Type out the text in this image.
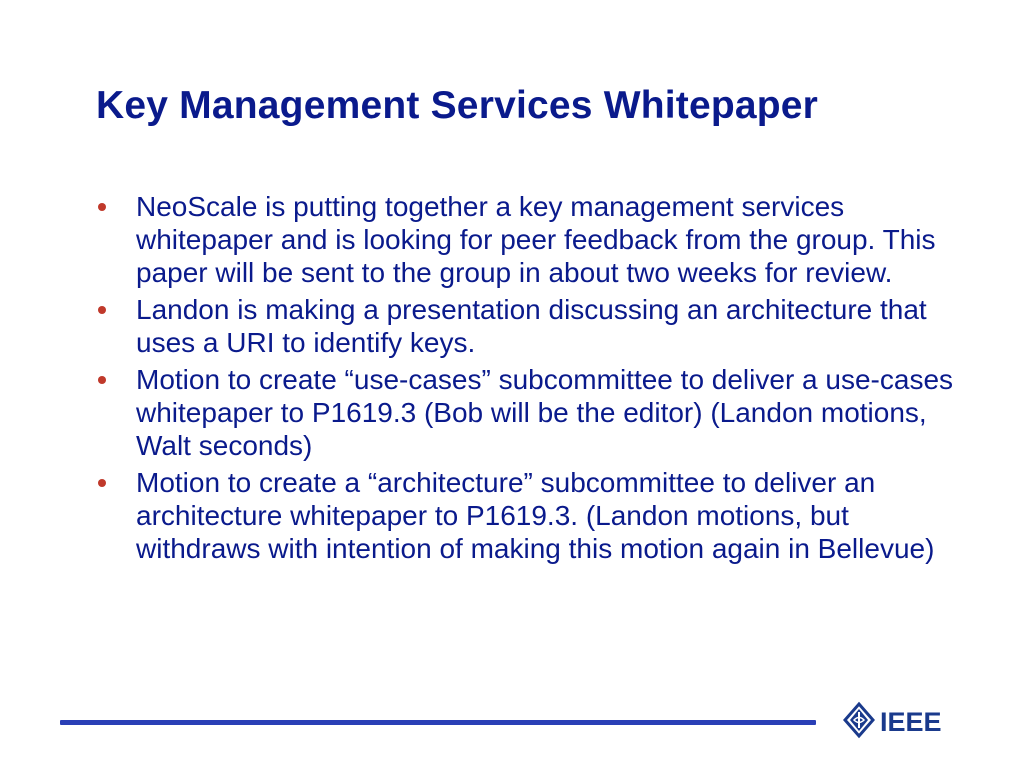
Key Management Services Whitepaper
NeoScale is putting together a key management services whitepaper and is looking for peer feedback from the group. This paper will be sent to the group in about two weeks for review.
Landon is making a presentation discussing an architecture that uses a URI to identify keys.
Motion to create “use-cases” subcommittee to deliver a use-cases whitepaper to P1619.3 (Bob will be the editor) (Landon motions, Walt seconds)
Motion to create a “architecture” subcommittee to deliver an architecture whitepaper to P1619.3. (Landon motions, but withdraws with intention of making this motion again in Bellevue)
IEEE
